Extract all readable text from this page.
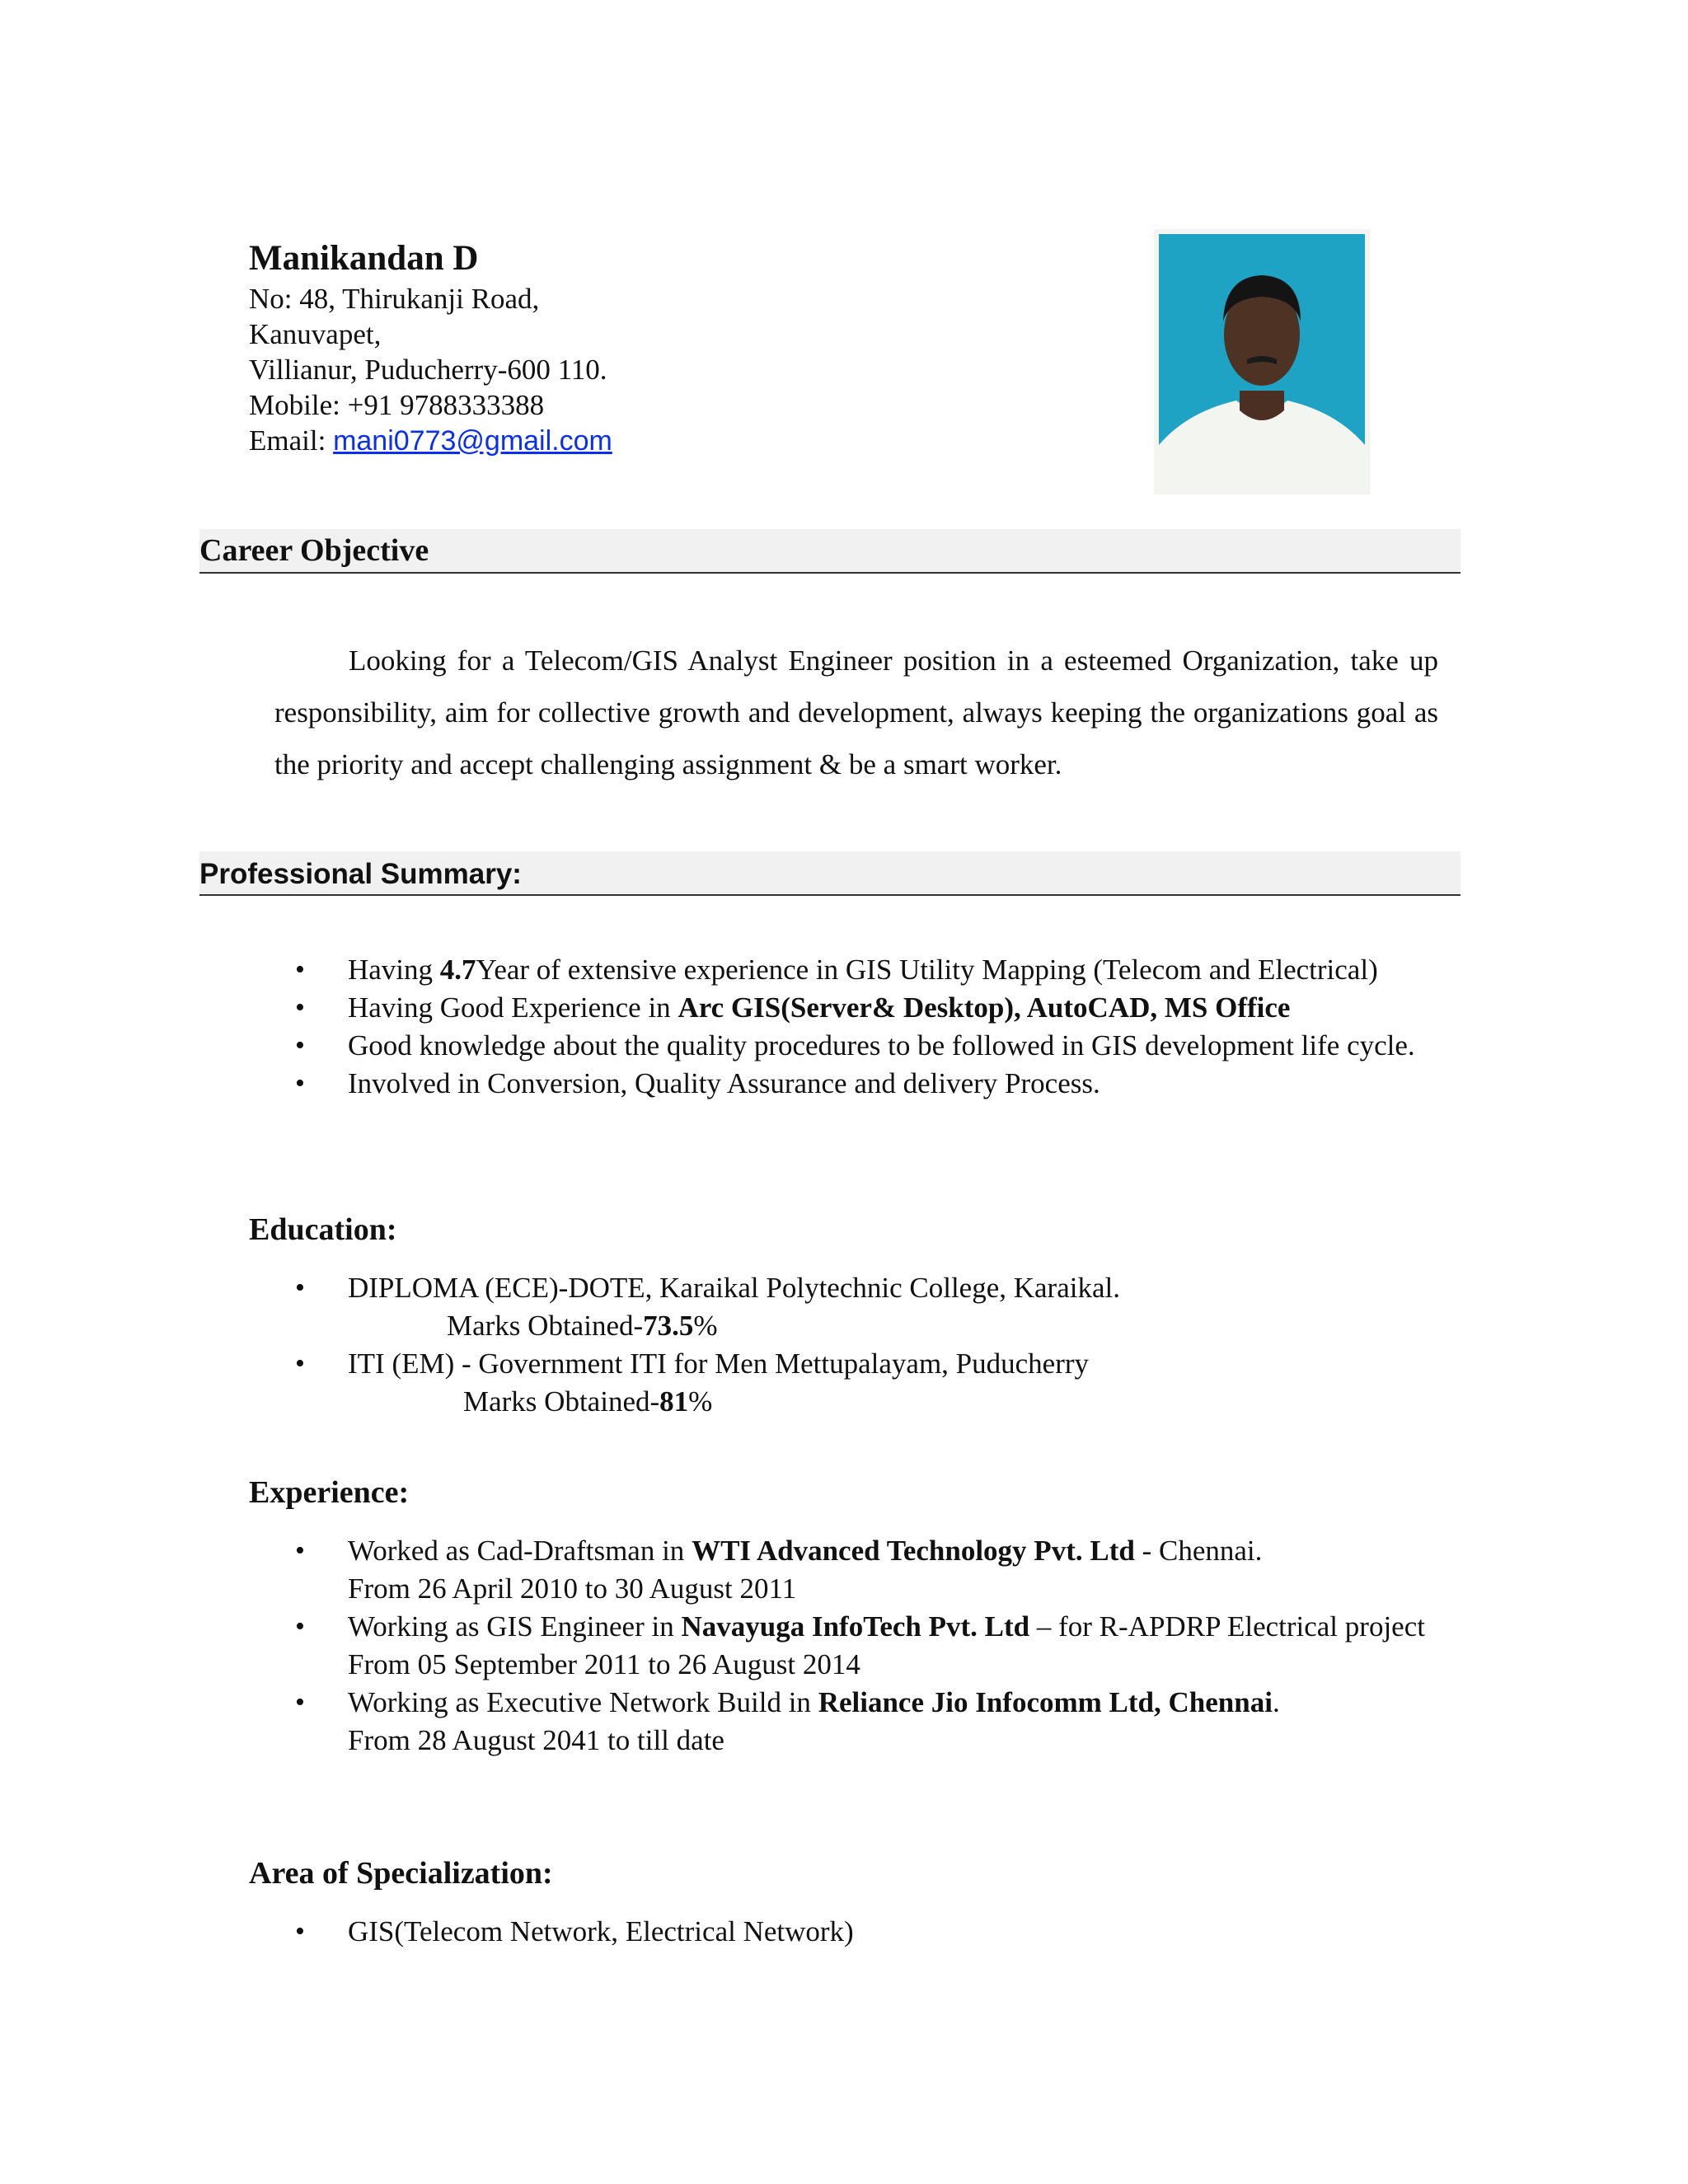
Manikandan D
No: 48, Thirukanji Road,
Kanuvapet,
Villianur, Puducherry-600 110.
Mobile: +91 9788333388
Email: mani0773@gmail.com
Career Objective
Looking for a Telecom/GIS Analyst Engineer position in a esteemed Organization, take up responsibility, aim for collective growth and development, always keeping the organizations goal as the priority and accept challenging assignment & be a smart worker.
Professional Summary:
• Having 4.7Year of extensive experience in GIS Utility Mapping (Telecom and Electrical)
• Having Good Experience in Arc GIS(Server& Desktop), AutoCAD, MS Office
• Good knowledge about the quality procedures to be followed in GIS development life cycle.
• Involved in Conversion, Quality Assurance and delivery Process.
Education:
• DIPLOMA (ECE)-DOTE, Karaikal Polytechnic College, Karaikal.
Marks Obtained-73.5%
• ITI (EM) - Government ITI for Men Mettupalayam, Puducherry
Marks Obtained-81%
Experience:
• Worked as Cad-Draftsman in WTI Advanced Technology Pvt. Ltd - Chennai.
From 26 April 2010 to 30 August 2011
• Working as GIS Engineer in Navayuga InfoTech Pvt. Ltd – for R-APDRP Electrical project
From 05 September 2011 to 26 August 2014
• Working as Executive Network Build in Reliance Jio Infocomm Ltd, Chennai.
From 28 August 2041 to till date
Area of Specialization:
• GIS(Telecom Network, Electrical Network)
